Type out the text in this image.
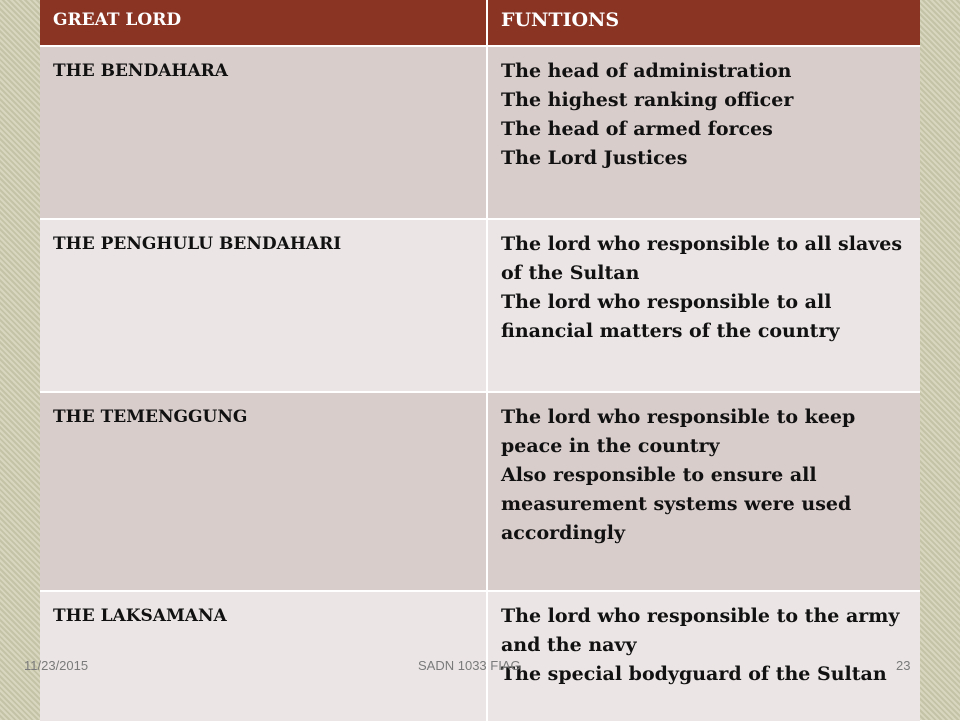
GREAT LORD	FUNTIONS
THE BENDAHARA	The head of administration
The highest ranking officer
The head of armed forces
The Lord Justices

THE PENGHULU BENDAHARI	The lord who responsible to all slaves of the Sultan
The lord who responsible to all financial matters of the country

THE TEMENGGUNG	The lord who responsible to keep peace in the country
Also responsible to ensure all measurement systems were used accordingly

THE LAKSAMANA	The lord who responsible to the army and the navy
The special bodyguard of the Sultan
11/23/2015	SADN 1033 FIAG	23
